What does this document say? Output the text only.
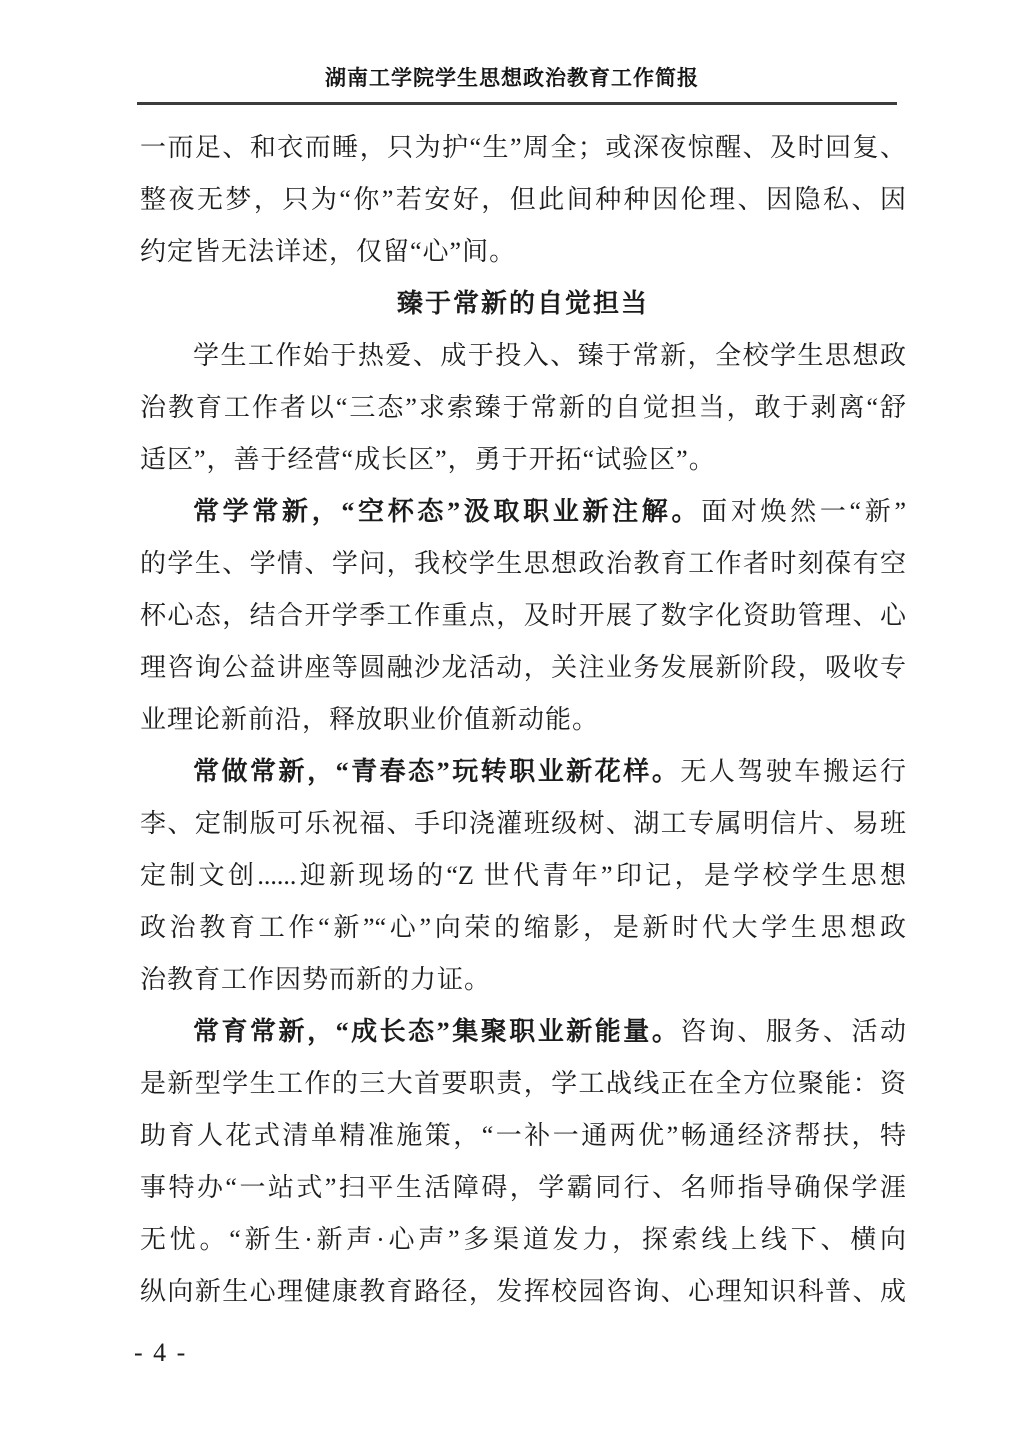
湖南工学院学生思想政治教育工作简报
一而足、和衣而睡，只为护“生”周全；或深夜惊醒、及时回复、
整夜无梦，只为“你”若安好，但此间种种因伦理、因隐私、因
约定皆无法详述，仅留“心”间。
臻于常新的自觉担当
学生工作始于热爱、成于投入、臻于常新，全校学生思想政
治教育工作者以“三态”求索臻于常新的自觉担当，敢于剥离“舒
适区”，善于经营“成长区”，勇于开拓“试验区”。
常学常新，“空杯态”汲取职业新注解。面对焕然一“新”
的学生、学情、学问，我校学生思想政治教育工作者时刻葆有空
杯心态，结合开学季工作重点，及时开展了数字化资助管理、心
理咨询公益讲座等圆融沙龙活动，关注业务发展新阶段，吸收专
业理论新前沿，释放职业价值新动能。
常做常新，“青春态”玩转职业新花样。无人驾驶车搬运行
李、定制版可乐祝福、手印浇灌班级树、湖工专属明信片、易班
定制文创......迎新现场的“Z 世代青年”印记，是学校学生思想
政治教育工作“新”“心”向荣的缩影，是新时代大学生思想政
治教育工作因势而新的力证。
常育常新，“成长态”集聚职业新能量。咨询、服务、活动
是新型学生工作的三大首要职责，学工战线正在全方位聚能：资
助育人花式清单精准施策，“一补一通两优”畅通经济帮扶，特
事特办“一站式”扫平生活障碍，学霸同行、名师指导确保学涯
无忧。“新生·新声·心声”多渠道发力，探索线上线下、横向
纵向新生心理健康教育路径，发挥校园咨询、心理知识科普、成
- 4 -
